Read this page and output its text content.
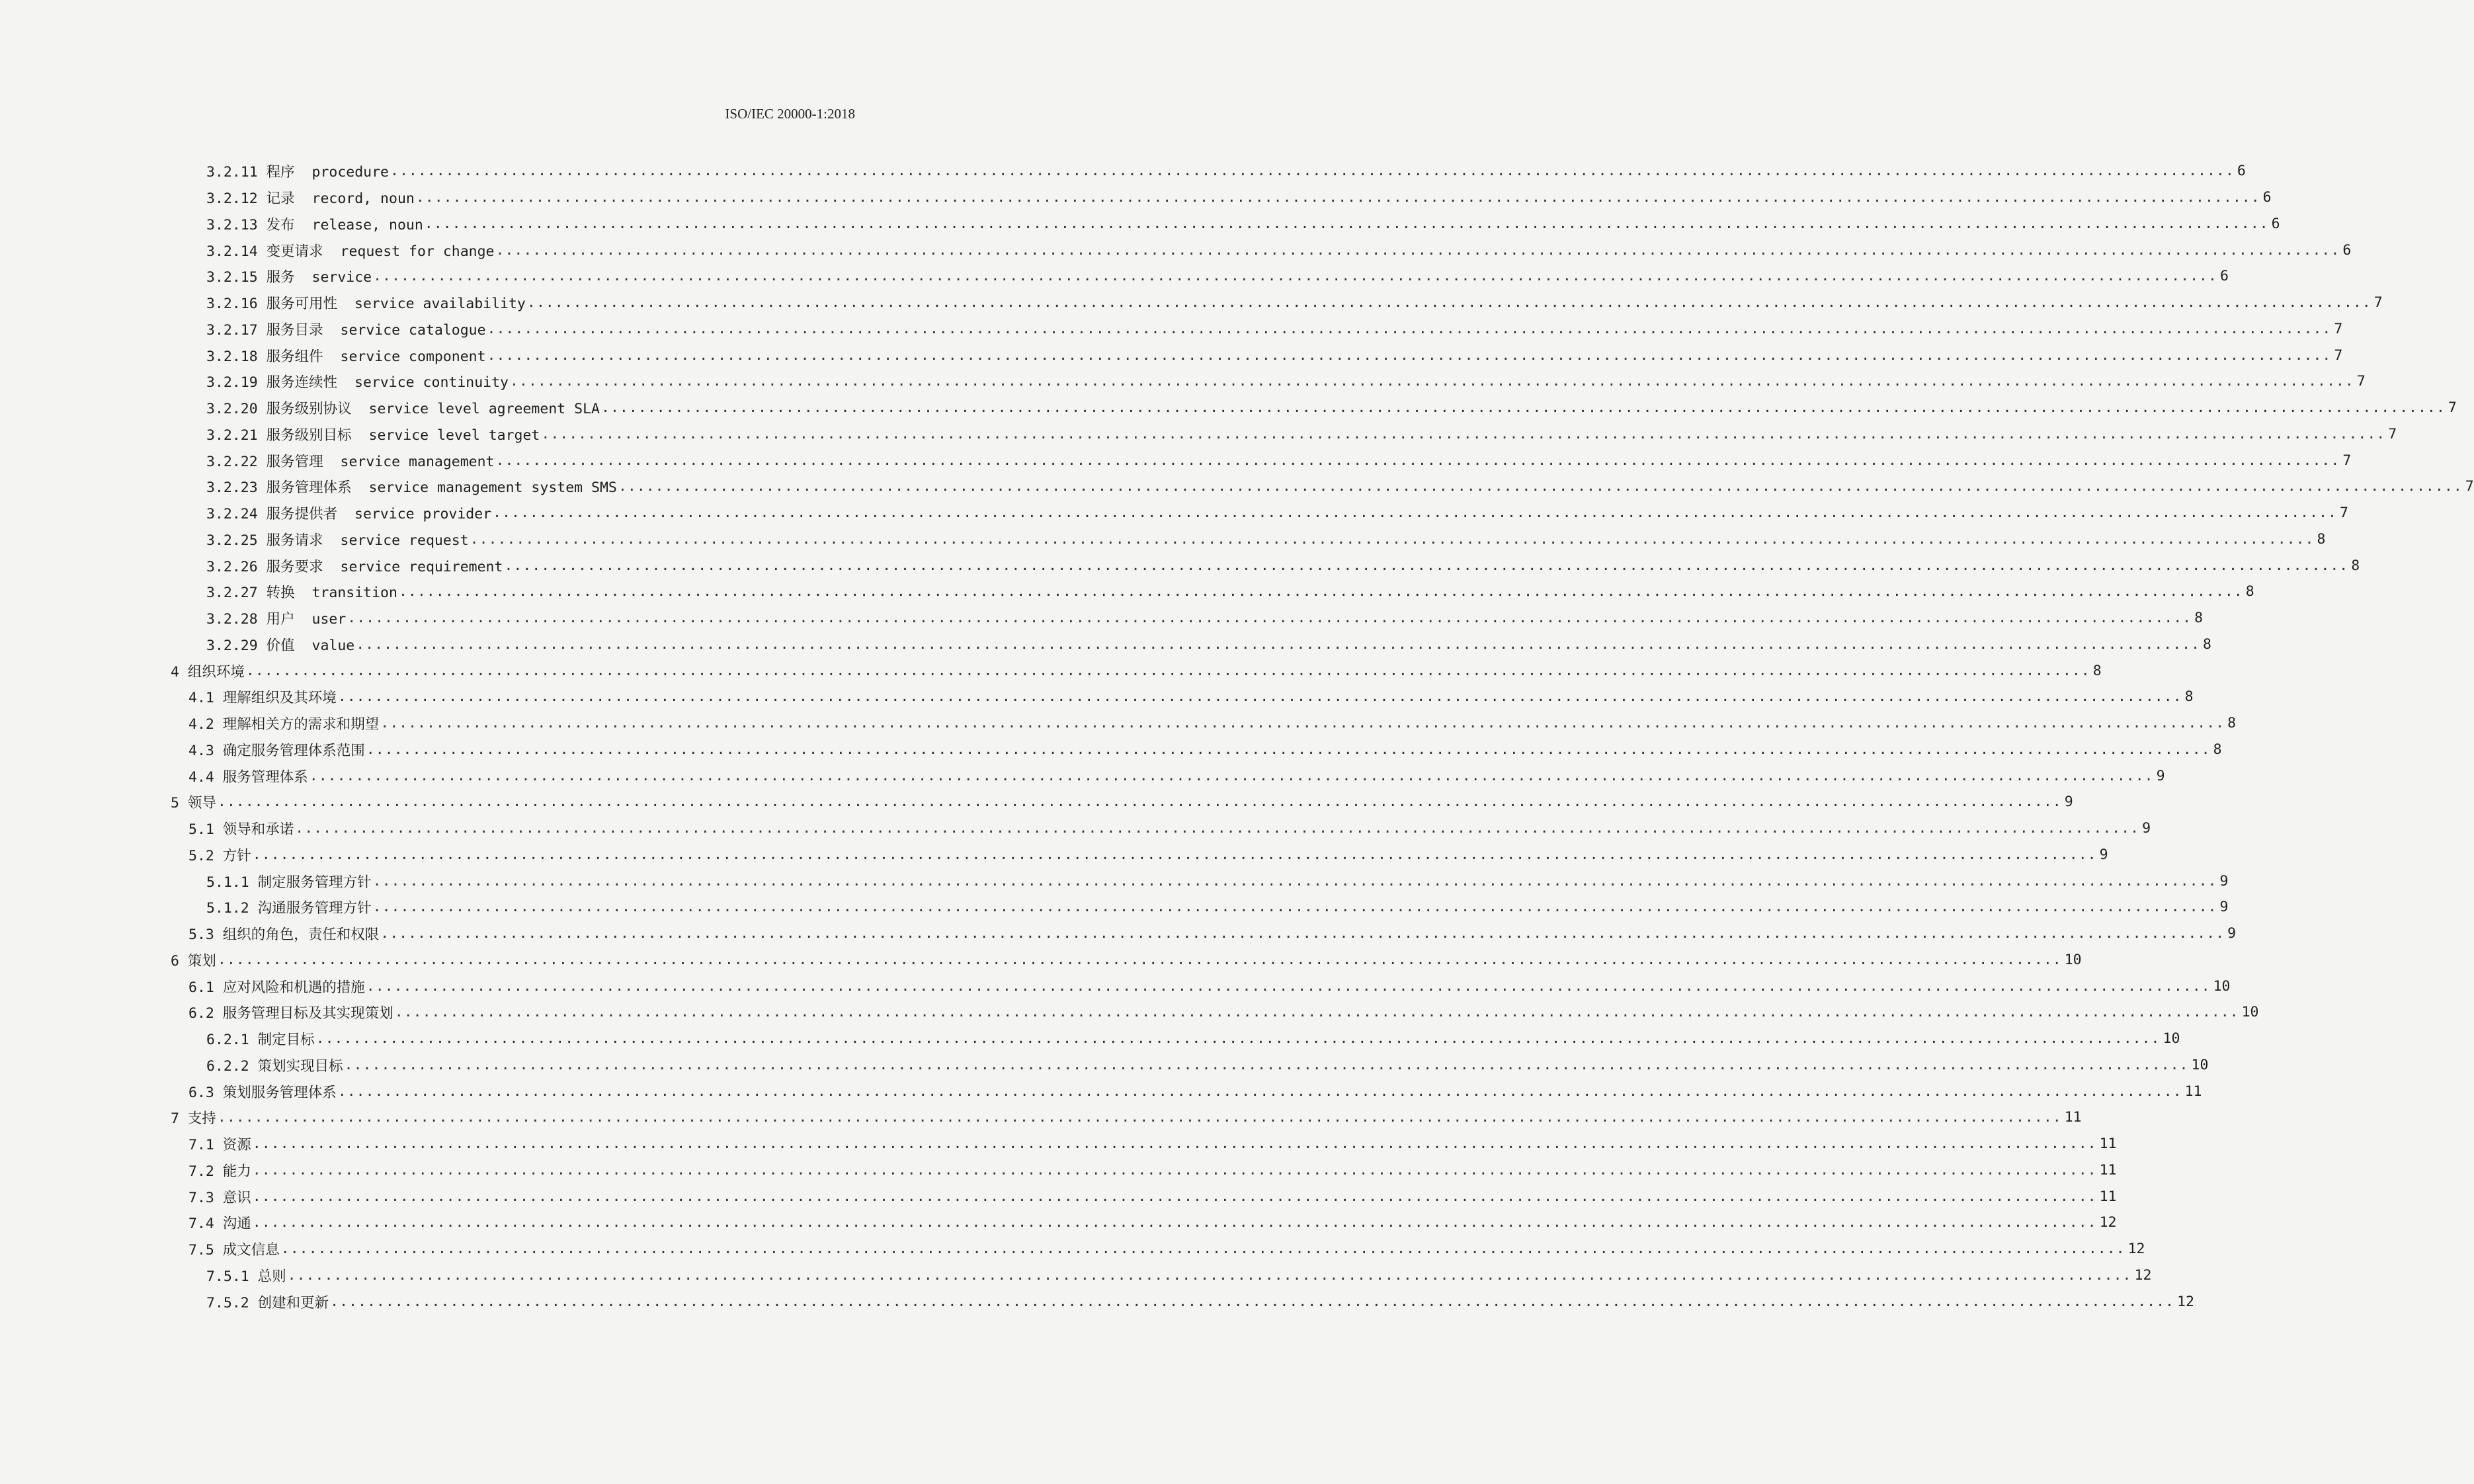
ISO/IEC 20000-1:2018
3.2.11 程序  procedure ........................................................................................................................................................................................................ 6
3.2.12 记录  record, noun ........................................................................................................................................................................................................ 6
3.2.13 发布  release, noun ........................................................................................................................................................................................................ 6
3.2.14 变更请求  request for change ........................................................................................................................................................................................................ 6
3.2.15 服务  service ........................................................................................................................................................................................................ 6
3.2.16 服务可用性  service availability ........................................................................................................................................................................................................ 7
3.2.17 服务目录  service catalogue ........................................................................................................................................................................................................ 7
3.2.18 服务组件  service component ........................................................................................................................................................................................................ 7
3.2.19 服务连续性  service continuity ........................................................................................................................................................................................................ 7
3.2.20 服务级别协议  service level agreement SLA ........................................................................................................................................................................................................ 7
3.2.21 服务级别目标  service level target ........................................................................................................................................................................................................ 7
3.2.22 服务管理  service management ........................................................................................................................................................................................................ 7
3.2.23 服务管理体系  service management system SMS ........................................................................................................................................................................................................ 7
3.2.24 服务提供者  service provider ........................................................................................................................................................................................................ 7
3.2.25 服务请求  service request ........................................................................................................................................................................................................ 8
3.2.26 服务要求  service requirement ........................................................................................................................................................................................................ 8
3.2.27 转换  transition ........................................................................................................................................................................................................ 8
3.2.28 用户  user ........................................................................................................................................................................................................ 8
3.2.29 价值  value ........................................................................................................................................................................................................ 8
4 组织环境 ........................................................................................................................................................................................................ 8
4.1 理解组织及其环境 ........................................................................................................................................................................................................ 8
4.2 理解相关方的需求和期望 ........................................................................................................................................................................................................ 8
4.3 确定服务管理体系范围 ........................................................................................................................................................................................................ 8
4.4 服务管理体系 ........................................................................................................................................................................................................ 9
5 领导 ........................................................................................................................................................................................................ 9
5.1 领导和承诺 ........................................................................................................................................................................................................ 9
5.2 方针 ........................................................................................................................................................................................................ 9
5.1.1 制定服务管理方针 ........................................................................................................................................................................................................ 9
5.1.2 沟通服务管理方针 ........................................................................................................................................................................................................ 9
5.3 组织的角色，责任和权限 ........................................................................................................................................................................................................ 9
6 策划 ........................................................................................................................................................................................................ 10
6.1 应对风险和机遇的措施 ........................................................................................................................................................................................................ 10
6.2 服务管理目标及其实现策划 ........................................................................................................................................................................................................ 10
6.2.1 制定目标 ........................................................................................................................................................................................................ 10
6.2.2 策划实现目标 ........................................................................................................................................................................................................ 10
6.3 策划服务管理体系 ........................................................................................................................................................................................................ 11
7 支持 ........................................................................................................................................................................................................ 11
7.1 资源 ........................................................................................................................................................................................................ 11
7.2 能力 ........................................................................................................................................................................................................ 11
7.3 意识 ........................................................................................................................................................................................................ 11
7.4 沟通 ........................................................................................................................................................................................................ 12
7.5 成文信息 ........................................................................................................................................................................................................ 12
7.5.1 总则 ........................................................................................................................................................................................................ 12
7.5.2 创建和更新 ........................................................................................................................................................................................................ 12
